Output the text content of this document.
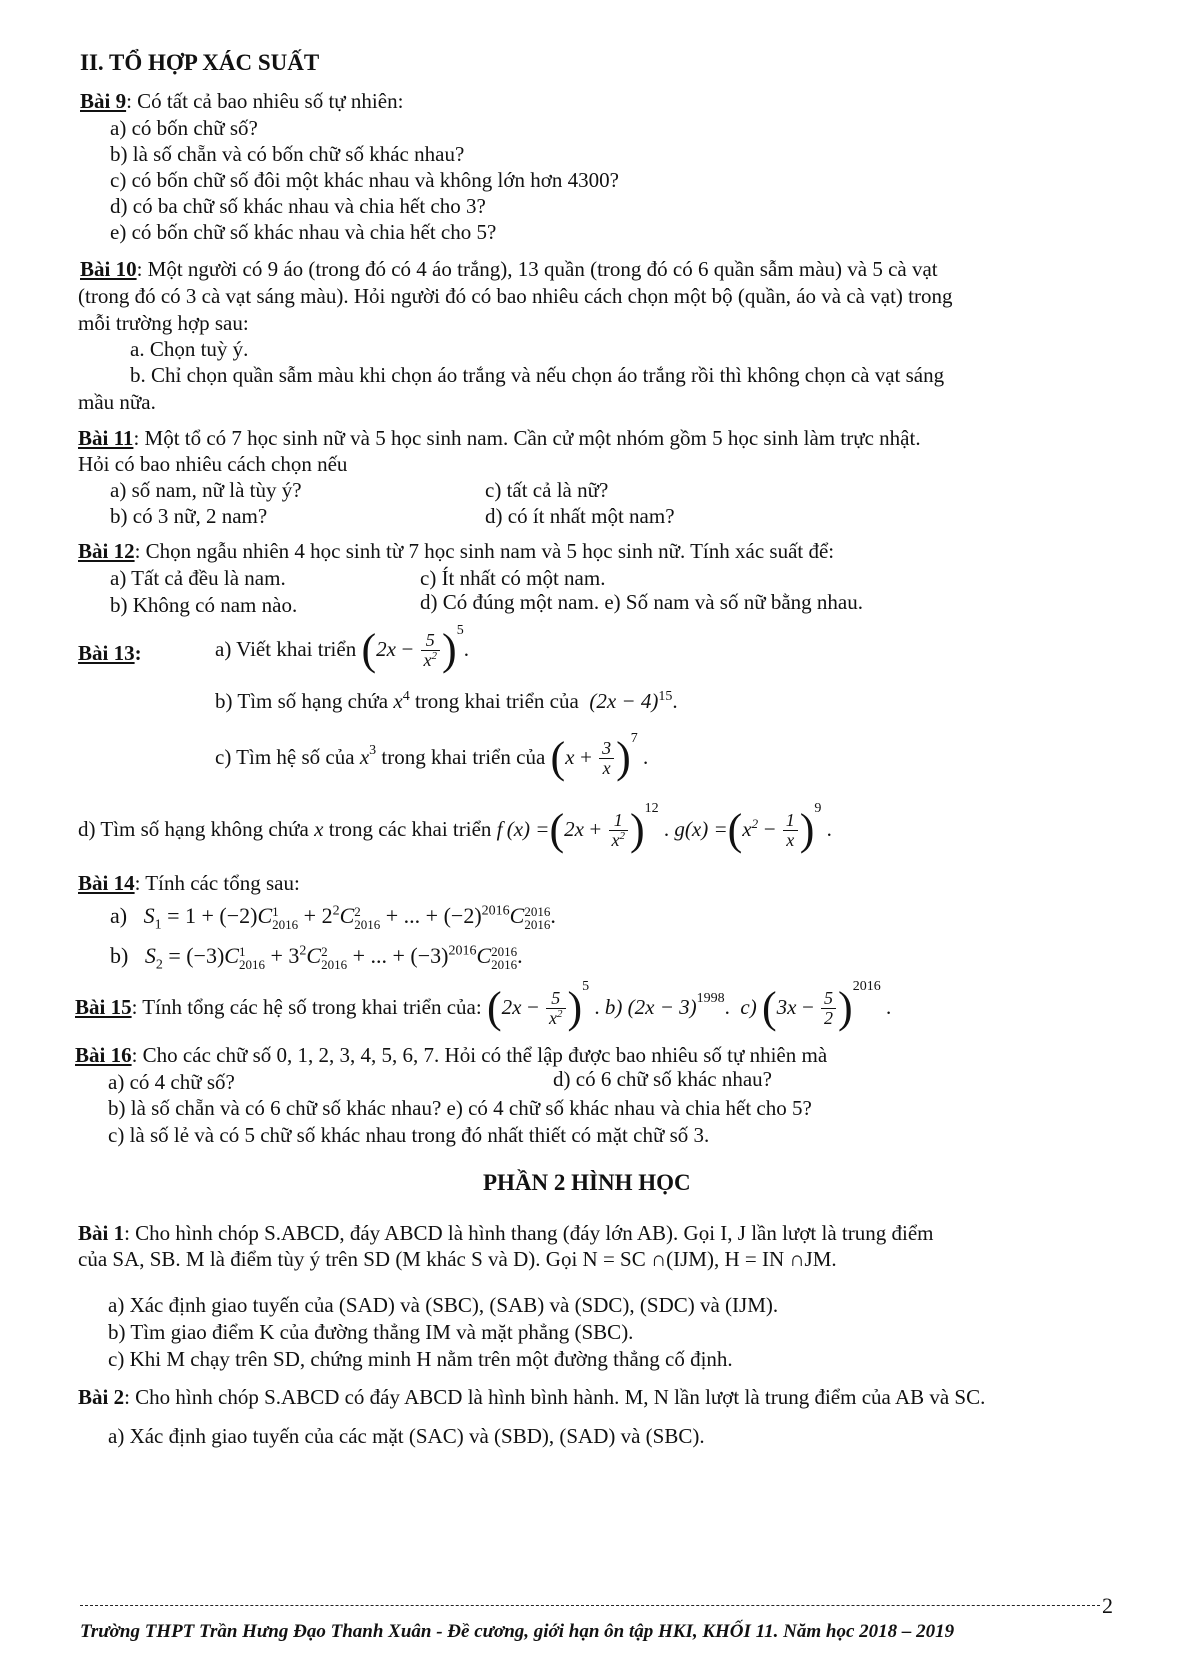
II. TỔ HỢP XÁC SUẤT
Bài 9: Có tất cả bao nhiêu số tự nhiên:
a) có bốn chữ số?
b) là số chẵn và có bốn chữ số khác nhau?
c) có bốn chữ số đôi một khác nhau và không lớn hơn 4300?
d) có ba chữ số khác nhau và chia hết cho 3?
e) có bốn chữ số khác nhau và chia hết cho 5?
Bài 10: Một người có 9 áo (trong đó có 4 áo trắng), 13 quần (trong đó có 6 quần sẫm màu) và 5 cà vạt
(trong đó có 3 cà vạt sáng màu). Hỏi người đó có bao nhiêu cách chọn một bộ (quần, áo và cà vạt) trong
mỗi trường hợp sau:
a. Chọn tuỳ ý.
b. Chỉ chọn quần sẫm màu khi chọn áo trắng và nếu chọn áo trắng rồi thì không chọn cà vạt sáng
mầu nữa.
Bài 11: Một tổ có 7 học sinh nữ và 5 học sinh nam. Cần cử một nhóm gồm 5 học sinh làm trực nhật.
Hỏi có bao nhiêu cách chọn nếu
a) số nam, nữ là tùy ý?	c) tất cả là nữ?
b) có 3 nữ, 2 nam?	d) có ít nhất một nam?
Bài 12: Chọn ngẫu nhiên 4 học sinh từ 7 học sinh nam và 5 học sinh nữ. Tính xác suất để:
a) Tất cả đều là nam.	c) Ít nhất có một nam.
b) Không có nam nào.	d) Có đúng một nam. e) Số nam và số nữ bằng nhau.
Bài 13:	a) Viết khai triển
( $2x - \frac{5}{x^2}$ ) 5
.
b) Tìm số hạng chứa $x^4$ trong khai triển của $(2x - 4)^{15}$.
c) Tìm hệ số của
x 3
trong khai triển của
( $x + \frac{3}{x}$ ) 7
.
d) Tìm số hạng không chứa
x
trong các khai triển
f (x) = ( $2x + \frac{1}{x^2}$ ) 12
. g(x) = ( $x^2 - \frac{1}{x}$ ) 9
.
Bài 14: Tính các tổng sau:
a) $S_1 = 1 + (-2)C$ 1
$2016 + 2^2C$ 2
2016 + ... + $(-2)^{2016}C$ 2016
2016 .
b) $S_2 = (-3)C$ 1
$2016 + 3^2C$ 2
2016 + ... + $(-3)^{2016}C$ 2016
2016 .
Bài 15 : Tính tổng các hệ số trong khai triển của:
( $2x - \frac{5}{x^2}$ ) 5
. b)
(2x − 3) 1998 . c)
( $3x - \frac{5}{2}$ ) 2016
.
Bài 16: Cho các chữ số 0, 1, 2, 3, 4, 5, 6, 7. Hỏi có thể lập được bao nhiêu số tự nhiên mà
a) có 4 chữ số?	d) có 6 chữ số khác nhau?
b) là số chẵn và có 6 chữ số khác nhau? e) có 4 chữ số khác nhau và chia hết cho 5?
c) là số lẻ và có 5 chữ số khác nhau trong đó nhất thiết có mặt chữ số 3.
PHẦN 2 HÌNH HỌC
Bài 1: Cho hình chóp S.ABCD, đáy ABCD là hình thang (đáy lớn AB). Gọi I, J lần lượt là trung điểm
của SA, SB. M là điểm tùy ý trên SD (M khác S và D). Gọi N = SC ∩(IJM), H = IN ∩JM.
a) Xác định giao tuyến của (SAD) và (SBC), (SAB) và (SDC), (SDC) và (IJM).
b) Tìm giao điểm K của đường thẳng IM và mặt phẳng (SBC).
c) Khi M chạy trên SD, chứng minh H nằm trên một đường thẳng cố định.
Bài 2: Cho hình chóp S.ABCD có đáy ABCD là hình bình hành. M, N lần lượt là trung điểm của AB và SC.
a) Xác định giao tuyến của các mặt (SAC) và (SBD), (SAD) và (SBC).
2
Trường THPT Trần Hưng Đạo Thanh Xuân - Đề cương, giới hạn ôn tập HKI, KHỐI 11. Năm học 2018 – 2019
